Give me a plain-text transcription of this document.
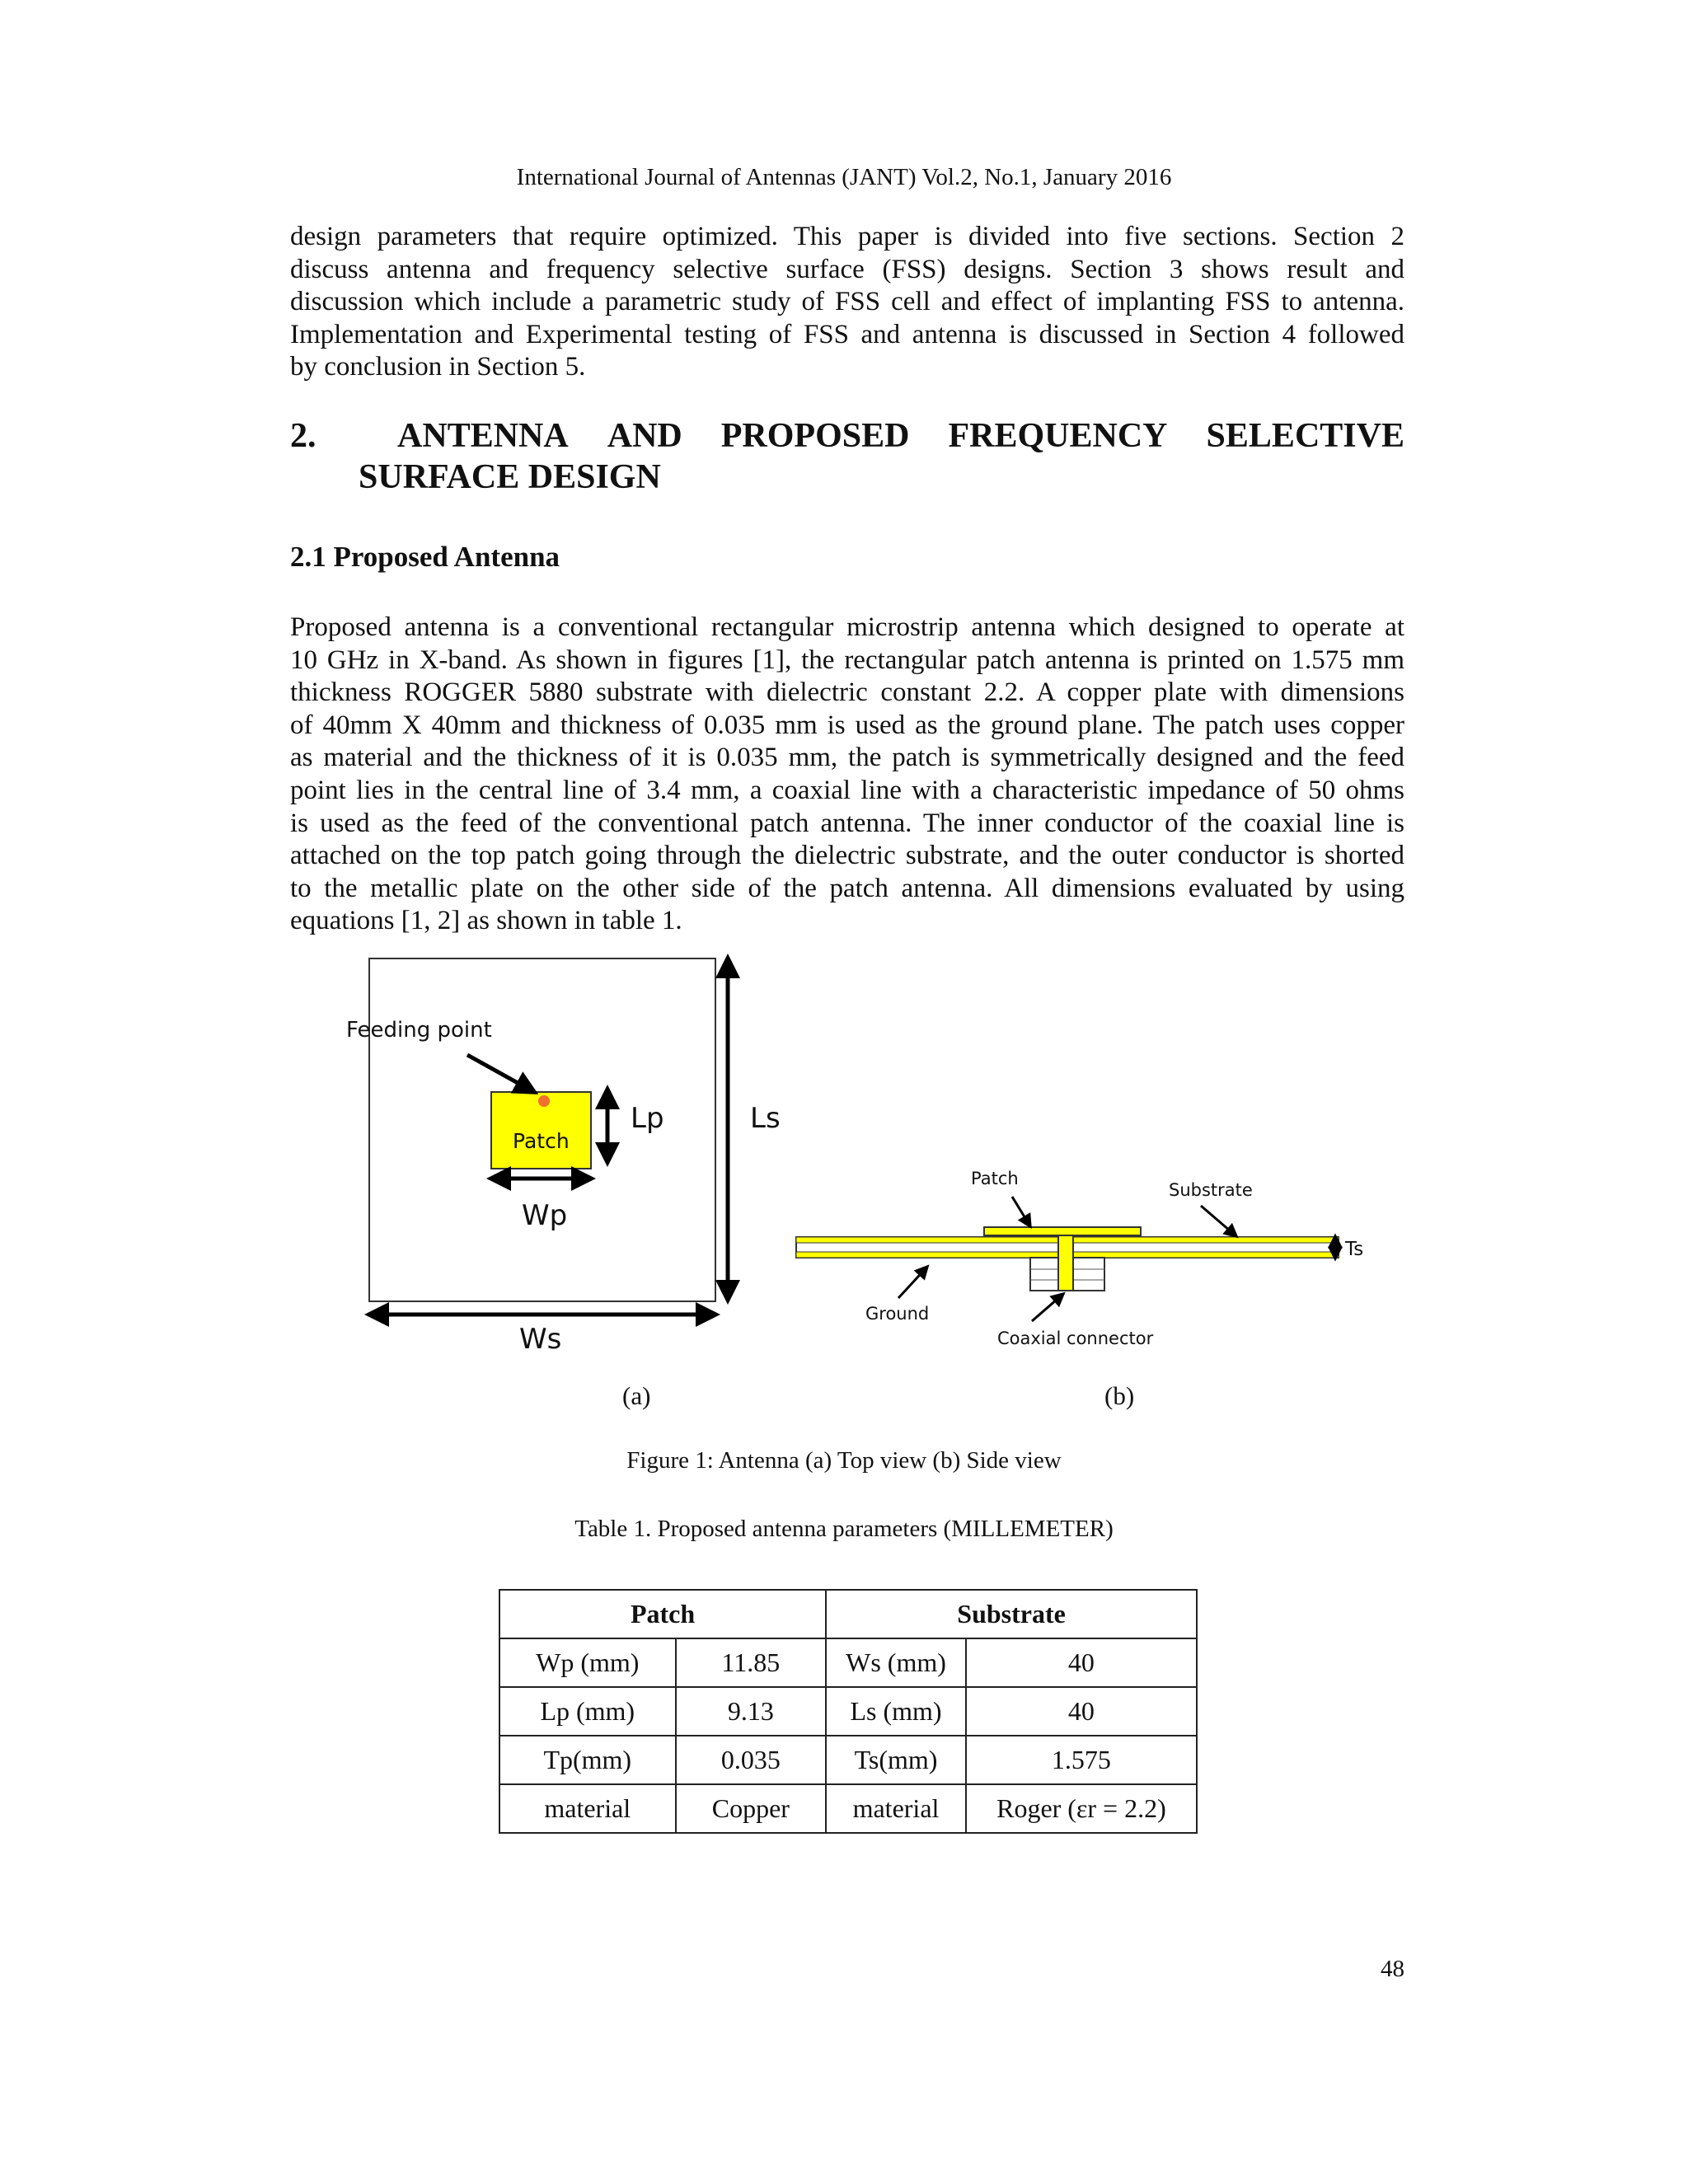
International Journal of Antennas (JANT) Vol.2, No.1, January 2016

design parameters that require optimized. This paper is divided into five sections. Section 2
discuss antenna and frequency selective surface (FSS) designs. Section 3 shows result and
discussion which include a parametric study of FSS cell and effect of implanting FSS to antenna.
Implementation and Experimental testing of FSS and antenna is discussed in Section 4 followed
by conclusion in Section 5.

2.	ANTENNA AND PROPOSED FREQUENCY SELECTIVE
SURFACE DESIGN
2.1 Proposed Antenna

Proposed antenna is a conventional rectangular microstrip antenna which designed to operate at
10 GHz in X-band. As shown in figures [1], the rectangular patch antenna is printed on 1.575 mm
thickness ROGGER 5880 substrate with dielectric constant 2.2. A copper plate with dimensions
of 40mm X 40mm and thickness of 0.035 mm is used as the ground plane. The patch uses copper
as material and the thickness of it is 0.035 mm, the patch is symmetrically designed and the feed
point lies in the central line of 3.4 mm, a coaxial line with a characteristic impedance of 50 ohms
is used as the feed of the conventional patch antenna. The inner conductor of the coaxial line is
attached on the top patch going through the dielectric substrate, and the outer conductor is shorted
to the metallic plate on the other side of the patch antenna. All dimensions evaluated by using
equations [1, 2] as shown in table 1.

Feeding point
Patch
Lp
Wp
Ls
Ws
Patch
Substrate
Ts
Ground
Coaxial connector
(a)	(b)
Figure 1: Antenna (a) Top view (b) Side view
Table 1. Proposed antenna parameters (MILLEMETER)
Patch		Substrate	
Wp (mm)	11.85	Ws (mm)	40
Lp (mm)	9.13	Ls (mm)	40
Tp(mm)	0.035	Ts(mm)	1.575
material	Copper	material	Roger (εr = 2.2)
48
